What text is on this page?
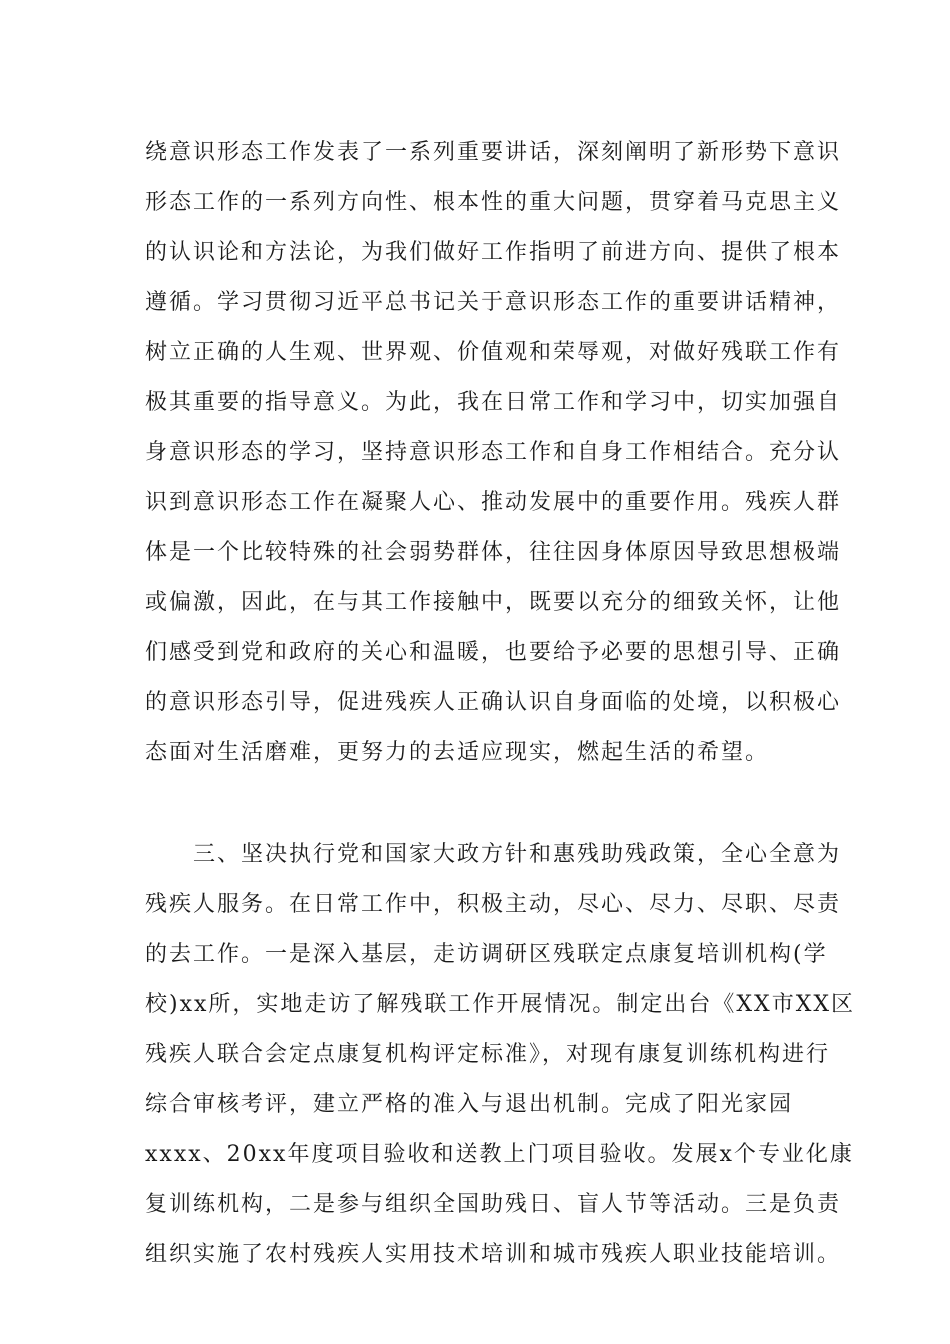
绕意识形态工作发表了一系列重要讲话，深刻阐明了新形势下意识
形态工作的一系列方向性、根本性的重大问题，贯穿着马克思主义
的认识论和方法论，为我们做好工作指明了前进方向、提供了根本
遵循。学习贯彻习近平总书记关于意识形态工作的重要讲话精神，
树立正确的人生观、世界观、价值观和荣辱观，对做好残联工作有
极其重要的指导意义。为此，我在日常工作和学习中，切实加强自
身意识形态的学习，坚持意识形态工作和自身工作相结合。充分认
识到意识形态工作在凝聚人心、推动发展中的重要作用。残疾人群
体是一个比较特殊的社会弱势群体，往往因身体原因导致思想极端
或偏激，因此，在与其工作接触中，既要以充分的细致关怀，让他
们感受到党和政府的关心和温暖，也要给予必要的思想引导、正确
的意识形态引导，促进残疾人正确认识自身面临的处境，以积极心
态面对生活磨难，更努力的去适应现实，燃起生活的希望。
　　三、坚决执行党和国家大政方针和惠残助残政策，全心全意为
残疾人服务。在日常工作中，积极主动，尽心、尽力、尽职、尽责
的去工作。一是深入基层，走访调研区残联定点康复培训机构(学
校)xx所，实地走访了解残联工作开展情况。制定出台《XX市XX区
残疾人联合会定点康复机构评定标准》，对现有康复训练机构进行
综合审核考评，建立严格的准入与退出机制。完成了阳光家园
xxxx、20xx年度项目验收和送教上门项目验收。发展x个专业化康
复训练机构，二是参与组织全国助残日、盲人节等活动。三是负责
组织实施了农村残疾人实用技术培训和城市残疾人职业技能培训。
